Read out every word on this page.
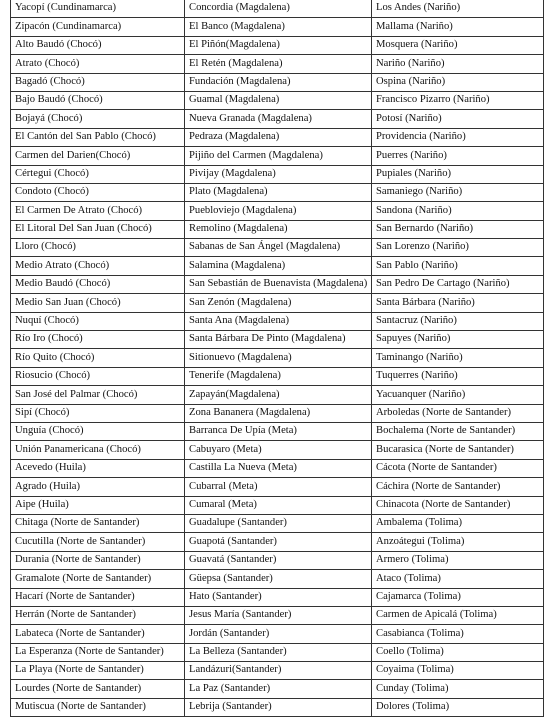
Yacopí (Cundinamarca)	Concordia (Magdalena)	Los Andes (Nariño)
Zipacón (Cundinamarca)	El Banco (Magdalena)	Mallama (Nariño)
Alto Baudó (Chocó)	El Piñón(Magdalena)	Mosquera (Nariño)
Atrato (Chocó)	El Retén (Magdalena)	Nariño (Nariño)
Bagadó (Chocó)	Fundación (Magdalena)	Ospina (Nariño)
Bajo Baudó (Chocó)	Guamal (Magdalena)	Francisco Pizarro (Nariño)
Bojayá (Chocó)	Nueva Granada (Magdalena)	Potosí (Nariño)
El Cantón del San Pablo (Chocó)	Pedraza (Magdalena)	Providencia (Nariño)
Carmen del Darien(Chocó)	Pijiño del Carmen (Magdalena)	Puerres (Nariño)
Cértegui (Chocó)	Pivijay (Magdalena)	Pupiales (Nariño)
Condoto (Chocó)	Plato (Magdalena)	Samaniego (Nariño)
El Carmen De Atrato (Chocó)	Puebloviejo (Magdalena)	Sandona (Nariño)
El Litoral Del San Juan (Chocó)	Remolino (Magdalena)	San Bernardo (Nariño)
Lloro (Chocó)	Sabanas de San Ángel (Magdalena)	San Lorenzo (Nariño)
Medio Atrato (Chocó)	Salamina (Magdalena)	San Pablo (Nariño)
Medio Baudó (Chocó)	San Sebastián de Buenavista (Magdalena)	San Pedro De Cartago (Nariño)
Medio San Juan (Chocó)	San Zenón (Magdalena)	Santa Bárbara (Nariño)
Nuquí (Chocó)	Santa Ana (Magdalena)	Santacruz (Nariño)
Río Iro (Chocó)	Santa Bárbara De Pinto (Magdalena)	Sapuyes (Nariño)
Río Quito (Chocó)	Sitionuevo (Magdalena)	Taminango (Nariño)
Riosucio (Chocó)	Tenerife (Magdalena)	Tuquerres (Nariño)
San José del Palmar (Chocó)	Zapayán(Magdalena)	Yacuanquer (Nariño)
Sipí (Chocó)	Zona Bananera (Magdalena)	Arboledas (Norte de Santander)
Unguía (Chocó)	Barranca De Upía (Meta)	Bochalema (Norte de Santander)
Unión Panamericana (Chocó)	Cabuyaro (Meta)	Bucarasica (Norte de Santander)
Acevedo (Huila)	Castilla La Nueva (Meta)	Cácota (Norte de Santander)
Agrado (Huila)	Cubarral (Meta)	Cáchira (Norte de Santander)
Aipe (Huila)	Cumaral (Meta)	Chinacota (Norte de Santander)
Chitaga (Norte de Santander)	Guadalupe (Santander)	Ambalema (Tolima)
Cucutilla (Norte de Santander)	Guapotá (Santander)	Anzoátegui (Tolima)
Durania (Norte de Santander)	Guavatá (Santander)	Armero (Tolima)
Gramalote (Norte de Santander)	Güepsa (Santander)	Ataco (Tolima)
Hacarí (Norte de Santander)	Hato (Santander)	Cajamarca (Tolima)
Herrán (Norte de Santander)	Jesus María (Santander)	Carmen de Apicalá (Tolima)
Labateca (Norte de Santander)	Jordán (Santander)	Casabianca (Tolima)
La Esperanza (Norte de Santander)	La Belleza (Santander)	Coello (Tolima)
La Playa (Norte de Santander)	Landázuri(Santander)	Coyaima (Tolima)
Lourdes (Norte de Santander)	La Paz (Santander)	Cunday (Tolima)
Mutiscua (Norte de Santander)	Lebrija (Santander)	Dolores (Tolima)
